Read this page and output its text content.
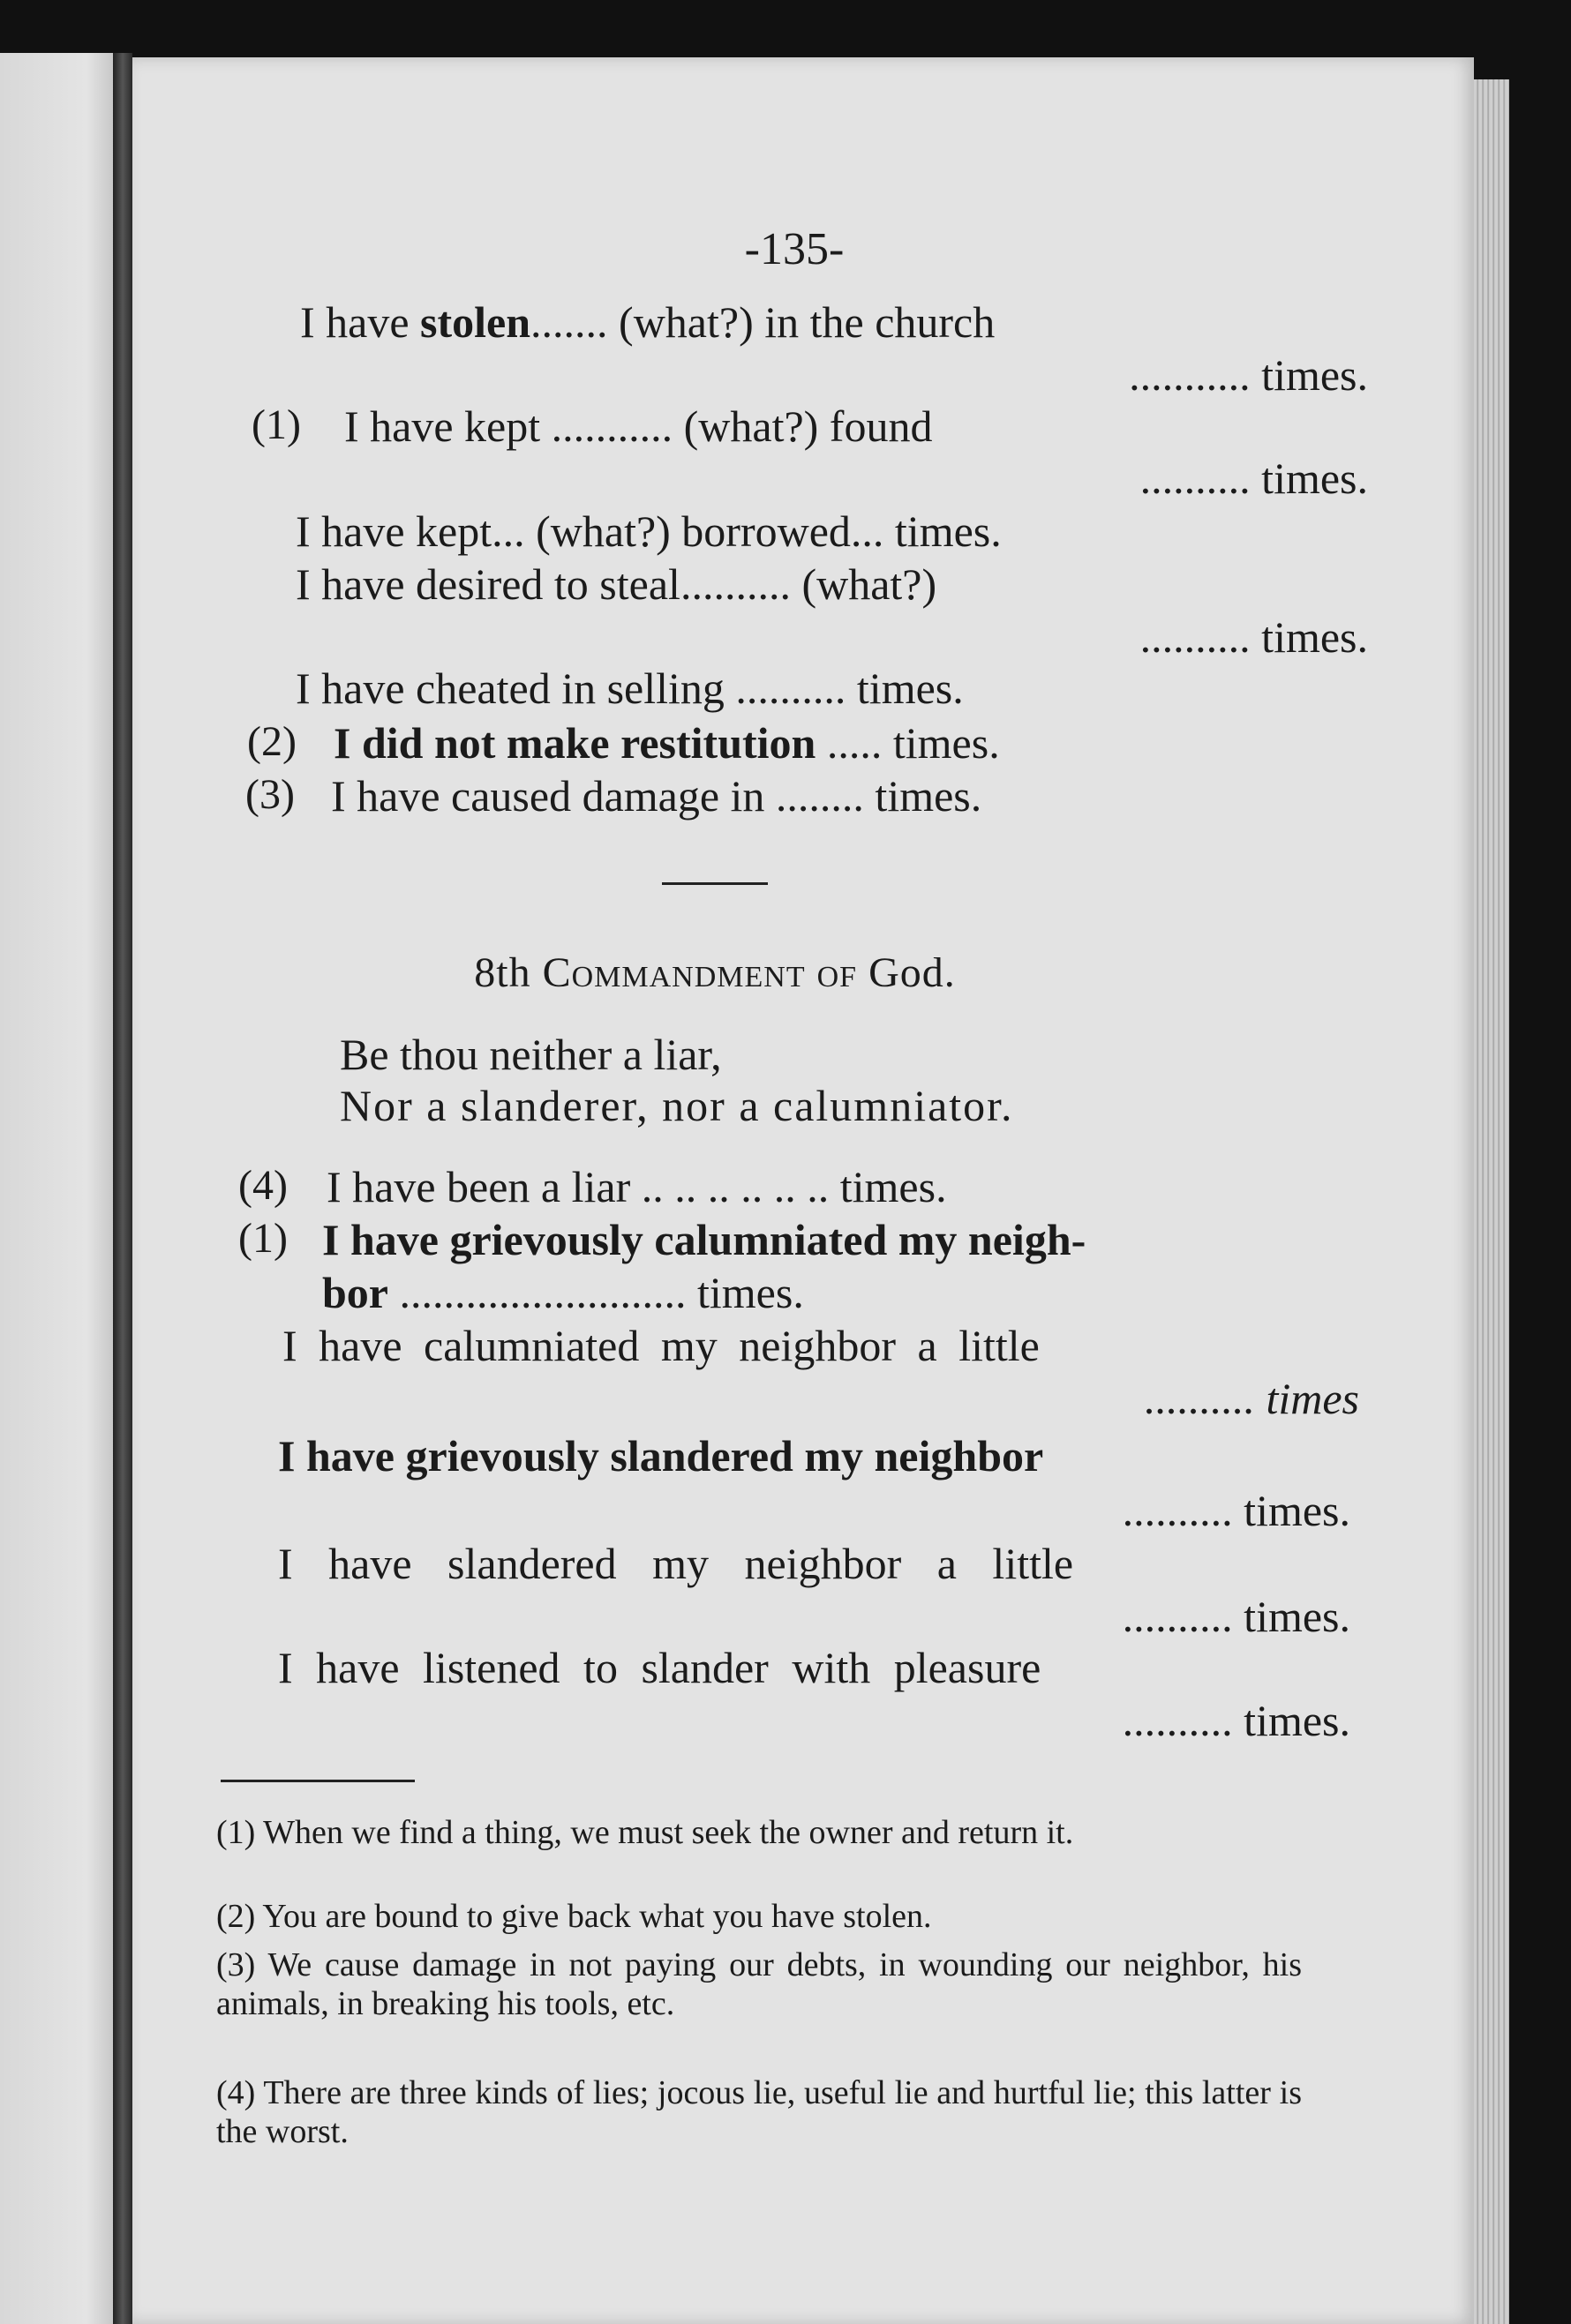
-135-
I have stolen....... (what?) in the church
........... times.
(1) I have kept ........... (what?) found
.......... times.
I have kept... (what?) borrowed... times.
I have desired to steal.......... (what?)
.......... times.
I have cheated in selling .......... times.
(2) I did not make restitution ..... times.
(3) I have caused damage in ........ times.
8th Commandment of God.
Be thou neither a liar,
Nor a slanderer, nor a calumniator.
(4) I have been a liar .. .. .. .. .. .. times.
(1) I have grievously calumniated my neigh-
bor .......................... times.
I have calumniated my neighbor a little
.......... times
I have grievously slandered my neighbor
.......... times.
I have slandered my neighbor a little
.......... times.
I have listened to slander with pleasure
.......... times.
(1) When we find a thing, we must seek the owner and return it.
(2) You are bound to give back what you have stolen.
(3) We cause damage in not paying our debts, in wounding our neighbor, his animals, in breaking his tools, etc.
(4) There are three kinds of lies; jocous lie, useful lie and hurtful lie; this latter is the worst.
